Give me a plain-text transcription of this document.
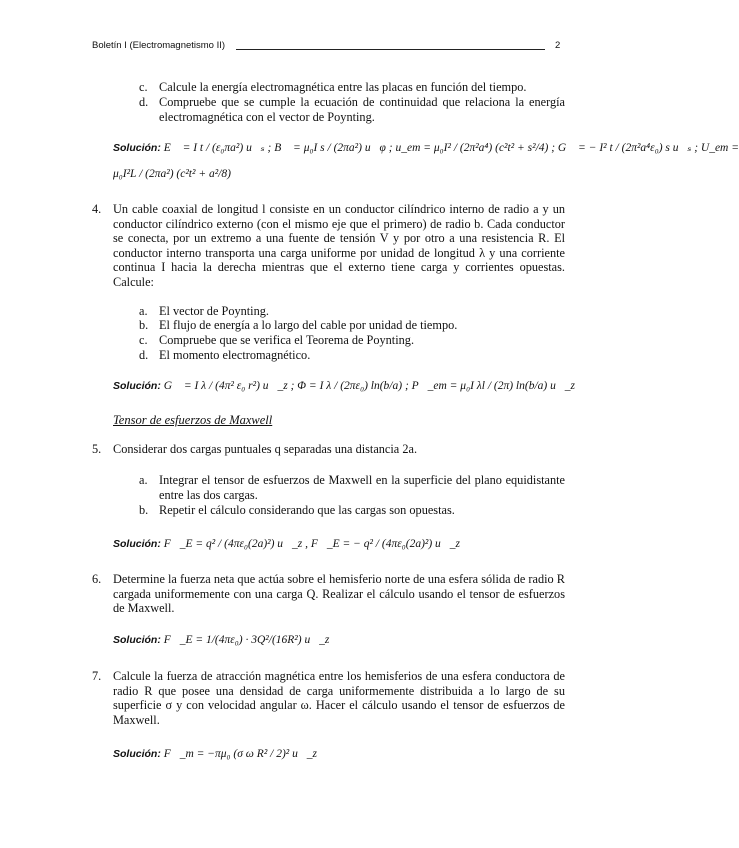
Boletín I (Electromagnetismo II)	2
c. Calcule la energía electromagnética entre las placas en función del tiempo.
d. Compruebe que se cumple la ecuación de continuidad que relaciona la energía electromagnética con el vector de Poynting.
Solución: E⃗ = I t / (ε₀πa²) u⃗ₛ ; B⃗ = μ₀I s / (2πa²) u⃗φ ; u_em = μ₀I² / (2π²a⁴) (c²t² + s²/4) ; G⃗ = − I² t / (2π²a⁴ε₀) s u⃗ₛ ; U_em =
μ₀I²L / (2πa²) (c²t² + a²/8)
4. Un cable coaxial de longitud l consiste en un conductor cilíndrico interno de radio a y un conductor cilíndrico externo (con el mismo eje que el primero) de radio b. Cada conductor se conecta, por un extremo a una fuente de tensión V y por otro a una resistencia R. El conductor interno transporta una carga uniforme por unidad de longitud λ y una corriente continua I hacia la derecha mientras que el externo tiene carga y corrientes opuestas. Calcule:
a. El vector de Poynting.
b. El flujo de energía a lo largo del cable por unidad de tiempo.
c. Compruebe que se verifica el Teorema de Poynting.
d. El momento electromagnético.
Solución: G⃗ = I λ / (4π² ε₀ r²) u⃗_z ; Φ = I λ / (2πε₀) ln(b/a) ; P⃗_em = μ₀I λl / (2π) ln(b/a) u⃗_z
Tensor de esfuerzos de Maxwell
5. Considerar dos cargas puntuales q separadas una distancia 2a.
a. Integrar el tensor de esfuerzos de Maxwell en la superficie del plano equidistante entre las dos cargas.
b. Repetir el cálculo considerando que las cargas son opuestas.
Solución: F⃗_E = q² / (4πε₀(2a)²) u⃗_z , F⃗_E = − q² / (4πε₀(2a)²) u⃗_z
6. Determine la fuerza neta que actúa sobre el hemisferio norte de una esfera sólida de radio R cargada uniformemente con una carga Q. Realizar el cálculo usando el tensor de esfuerzos de Maxwell.
Solución: F⃗_E = 1/(4πε₀) · 3Q²/(16R²) u⃗_z
7. Calcule la fuerza de atracción magnética entre los hemisferios de una esfera conductora de radio R que posee una densidad de carga uniformemente distribuida a lo largo de su superficie σ y con velocidad angular ω. Hacer el cálculo usando el tensor de esfuerzos de Maxwell.
Solución: F⃗_m = −πμ₀ (σ ω R² / 2)² u⃗_z
